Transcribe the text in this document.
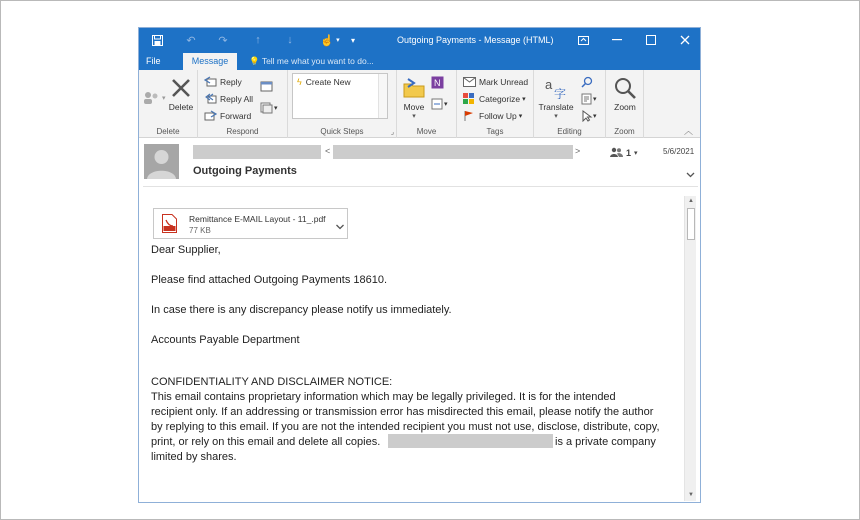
↶	↷	↑	↓	☝ ▾	▾	Outgoing Payments - Message (HTML)
File	Message	💡 Tell me what you want to do...
▾
Delete
Delete
Reply
Reply All
Forward
▾
Respond
ϟ Create New
Quick Steps	⌟
Move
▾
N
▾
Move
Mark Unread
Categorize ▾
Follow Up ▾
Tags
a
字
Translate
▾
▾
▾
Editing
Zoom
Zoom	︿
<	>
Outgoing Payments
1 ▾	5/6/2021
Remittance E-MAIL Layout - 11_.pdf
77 KB
Dear Supplier,
Please find attached Outgoing Payments 18610.
In case there is any discrepancy please notify us immediately.
Accounts Payable Department
CONFIDENTIALITY AND DISCLAIMER NOTICE:
This email contains proprietary information which may be legally privileged. It is for the intended
recipient only. If an addressing or transmission error has misdirected this email, please notify the author
by replying to this email. If you are not the intended recipient you must not use, disclose, distribute, copy,
print, or rely on this email and delete all copies.	is a private company
limited by shares.
▲
▼
